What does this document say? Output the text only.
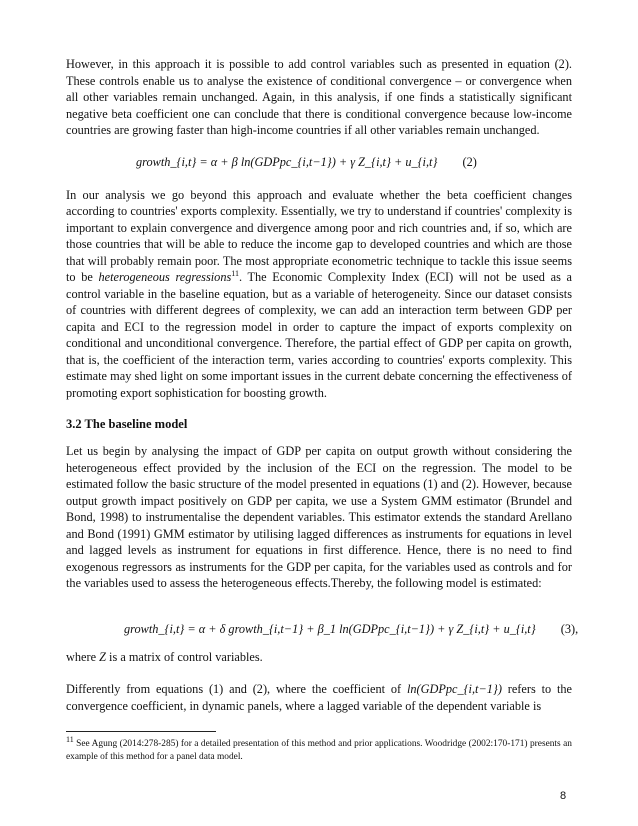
However, in this approach it is possible to add control variables such as presented in equation (2). These controls enable us to analyse the existence of conditional convergence – or convergence when all other variables remain unchanged. Again, in this analysis, if one finds a statistically significant negative beta coefficient one can conclude that there is conditional convergence because low-income countries are growing faster than high-income countries if all other variables remain unchanged.

growth_{i,t} = α + β ln(GDPpc_{i,t−1}) + γ Z_{i,t} + u_{i,t} (2)

In our analysis we go beyond this approach and evaluate whether the beta coefficient changes according to countries' exports complexity. Essentially, we try to understand if countries' complexity is important to explain convergence and divergence among poor and rich countries and, if so, which are those countries that will be able to reduce the income gap to developed countries and which are those that will probably remain poor. The most appropriate econometric technique to tackle this issue seems to be heterogeneous regressions$^{11}$. The Economic Complexity Index (ECI) will not be used as a control variable in the baseline equation, but as a variable of heterogeneity. Since our dataset consists of countries with different degrees of complexity, we can add an interaction term between GDP per capita and ECI to the regression model in order to capture the impact of exports complexity on conditional and unconditional convergence. Therefore, the partial effect of GDP per capita on growth, that is, the coefficient of the interaction term, varies according to countries' exports complexity. This estimate may shed light on some important issues in the current debate concerning the effectiveness of promoting export sophistication for boosting growth.

3.2 The baseline model

Let us begin by analysing the impact of GDP per capita on output growth without considering the heterogeneous effect provided by the inclusion of the ECI on the regression. The model to be estimated follow the basic structure of the model presented in equations (1) and (2). However, because output growth impact positively on GDP per capita, we use a System GMM estimator (Brundel and Bond, 1998) to instrumentalise the dependent variables. This estimator extends the standard Arellano and Bond (1991) GMM estimator by utilising lagged differences as instruments for equations in level and lagged levels as instrument for equations in first difference. Hence, there is no need to find exogenous regressors as instruments for the GDP per capita, for the variables used as controls and for the variables used to assess the heterogeneous effects.Thereby, the following model is estimated:

growth_{i,t} = α + δ growth_{i,t−1} + β_1 ln(GDPpc_{i,t−1}) + γ Z_{i,t} + u_{i,t} (3),

where Z is a matrix of control variables.

Differently from equations (1) and (2), where the coefficient of ln(GDPpc_{i,t−1}) refers to the convergence coefficient, in dynamic panels, where a lagged variable of the dependent variable is

$^{11}$ See Agung (2014:278-285) for a detailed presentation of this method and prior applications. Woodridge (2002:170-171) presents an example of this method for a panel data model.
8
